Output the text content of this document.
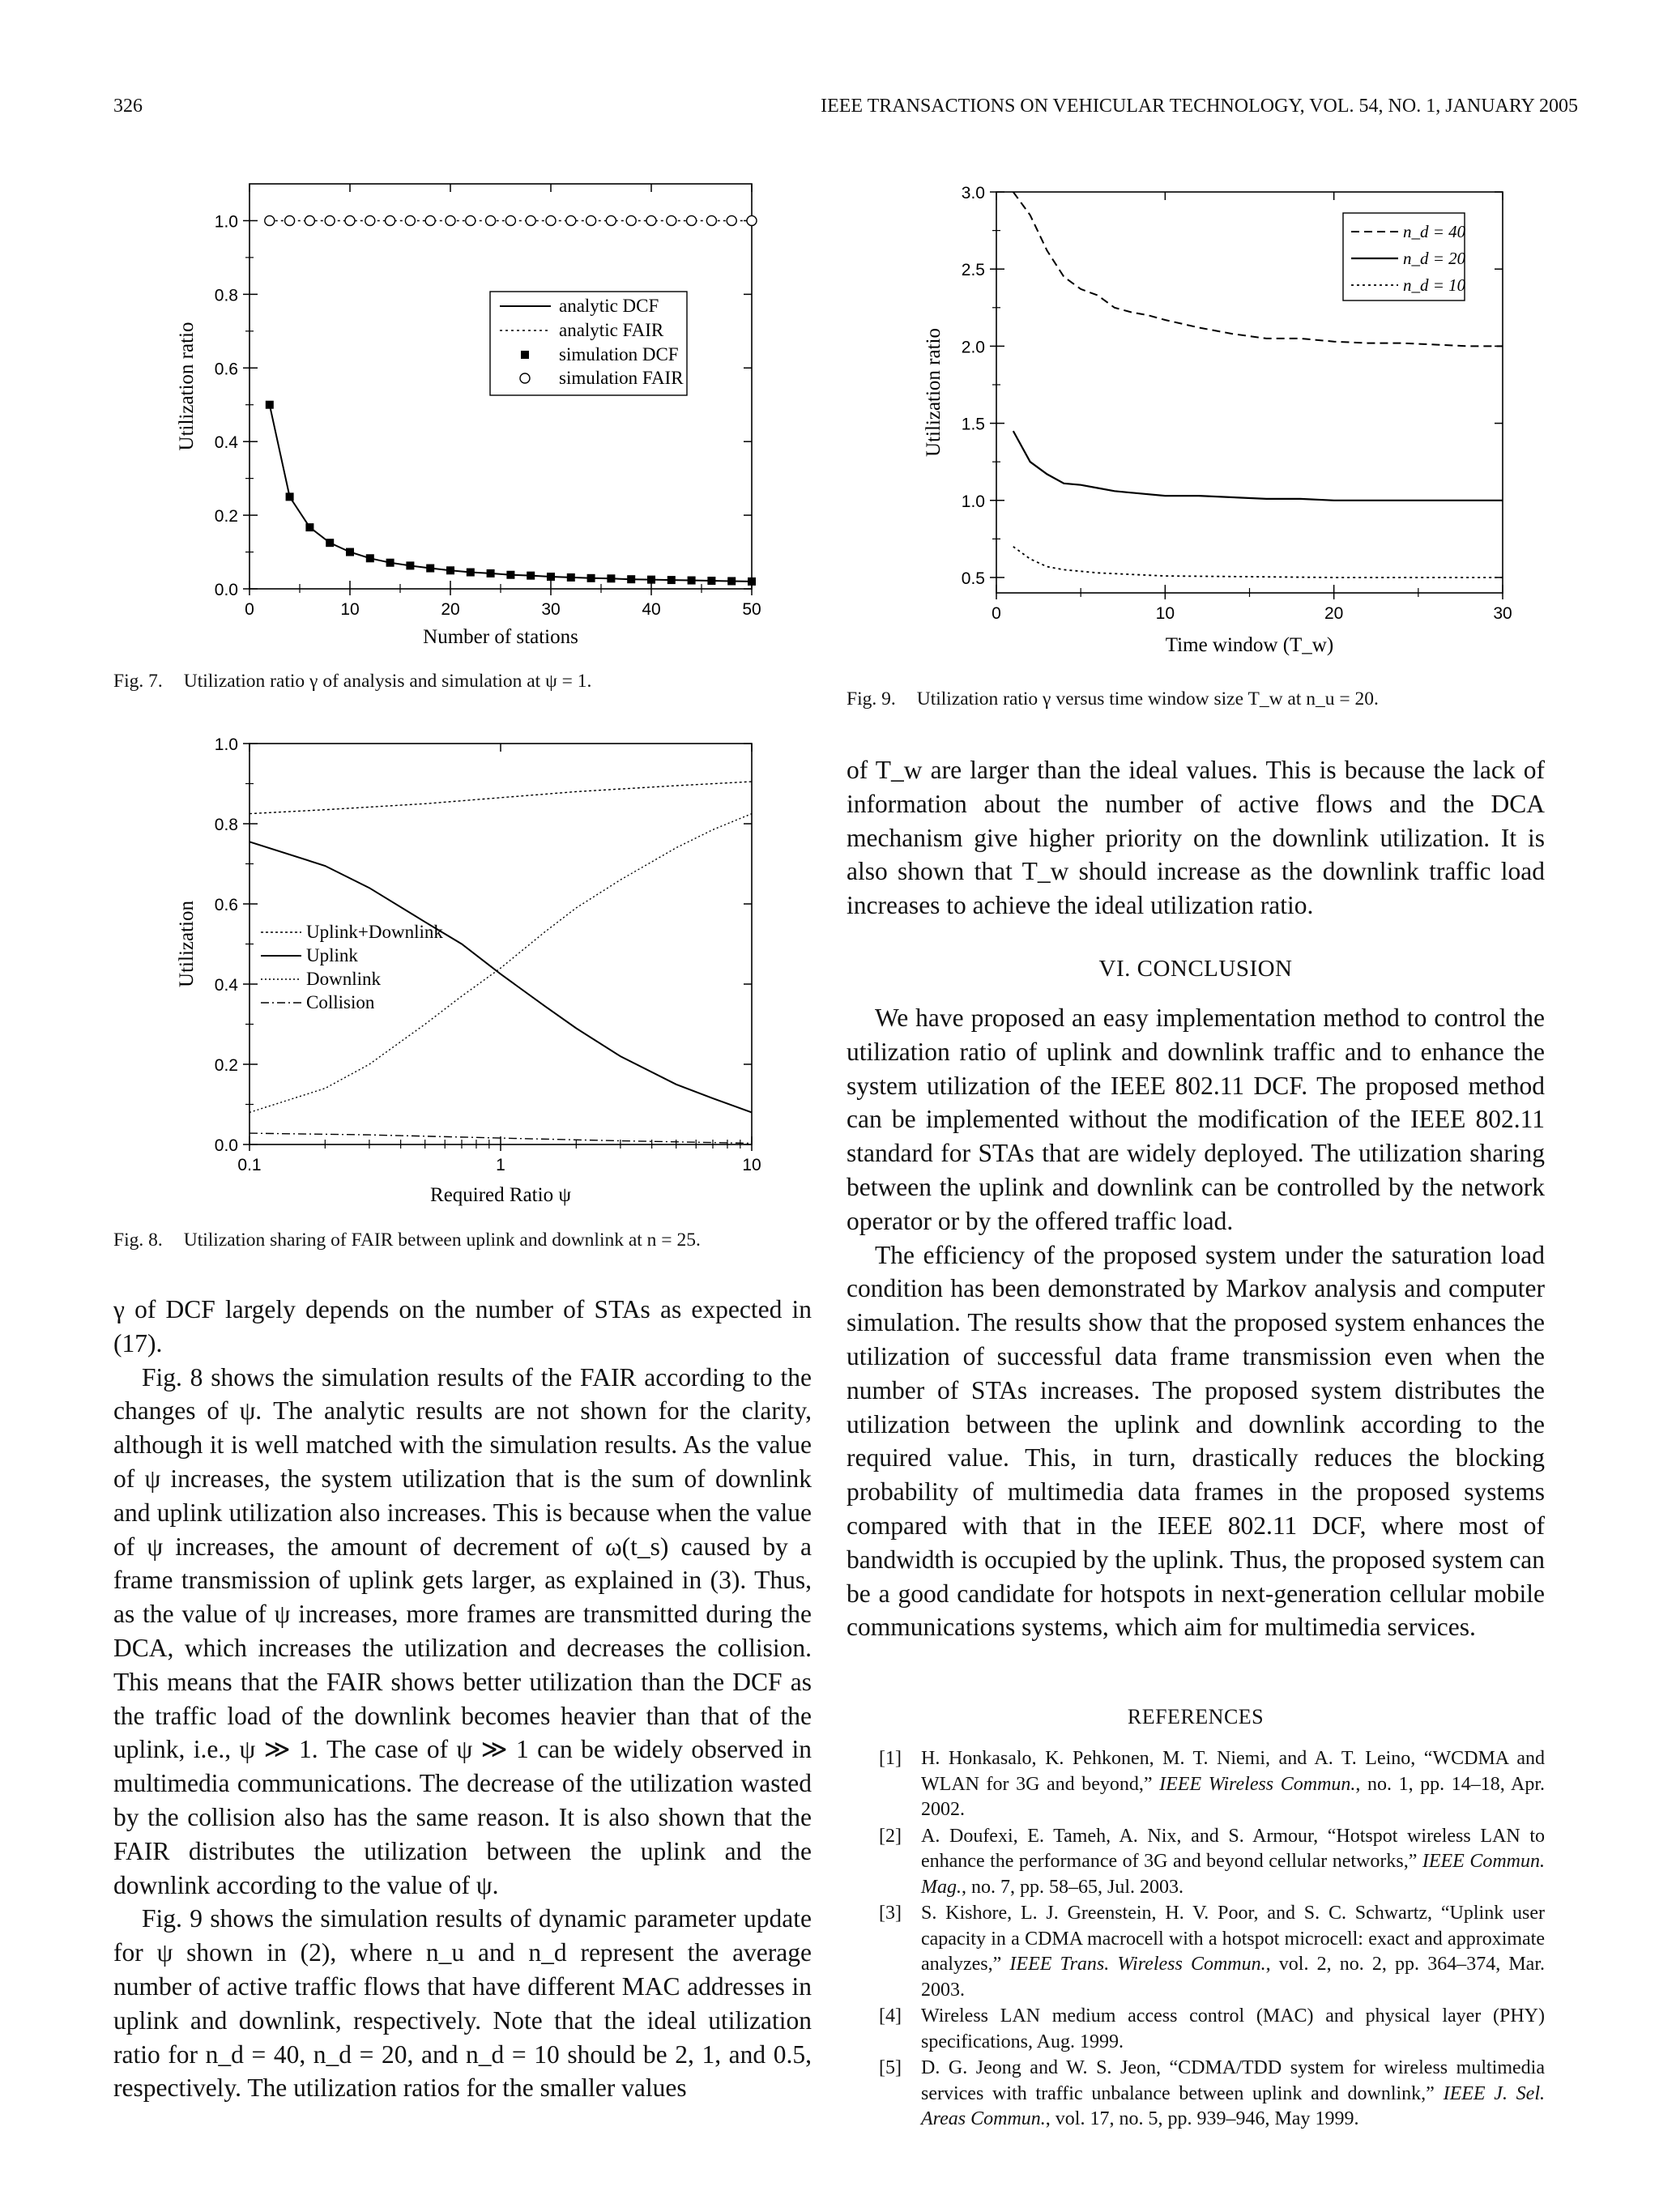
326	IEEE TRANSACTIONS ON VEHICULAR TECHNOLOGY, VOL. 54, NO. 1, JANUARY 2005
0.0
0.2
0.4
0.6
0.8
1.0
0	10	20	30	40	50
Number of stations
Utilization ratio
analytic DCF
analytic FAIR
simulation DCF
simulation FAIR
Fig. 7. Utilization ratio γ of analysis and simulation at ψ = 1.
0.0
0.2
0.4
0.6
0.8
1.0
0.1	1	10
Required Ratio ψ
Utilization	Uplink+Downlink
Uplink
Downlink
Collision
Fig. 8. Utilization sharing of FAIR between uplink and downlink at n = 25.
0.5
1.0
1.5
2.0
2.5
3.0
0	10	20	30
Time window (T_w)
Utilization ratio
n_d = 40
n_d = 20
n_d = 10
Fig. 9. Utilization ratio γ versus time window size T_w at n_u = 20.

γ of DCF largely depends on the number of STAs as expected in (17).

Fig. 8 shows the simulation results of the FAIR according to the changes of ψ. The analytic results are not shown for the clarity, although it is well matched with the simulation results. As the value of ψ increases, the system utilization that is the sum of downlink and uplink utilization also increases. This is because when the value of ψ increases, the amount of decrement of ω(t_s) caused by a frame transmission of uplink gets larger, as explained in (3). Thus, as the value of ψ increases, more frames are transmitted during the DCA, which increases the utilization and decreases the collision. This means that the FAIR shows better utilization than the DCF as the traffic load of the downlink becomes heavier than that of the uplink, i.e., ψ ≫ 1. The case of ψ ≫ 1 can be widely observed in multimedia communications. The decrease of the utilization wasted by the collision also has the same reason. It is also shown that the FAIR distributes the utilization between the uplink and the downlink according to the value of ψ.

Fig. 9 shows the simulation results of dynamic parameter update for ψ shown in (2), where n_u and n_d represent the average number of active traffic flows that have different MAC addresses in uplink and downlink, respectively. Note that the ideal utilization ratio for n_d = 40, n_d = 20, and n_d = 10 should be 2, 1, and 0.5, respectively. The utilization ratios for the smaller values

of T_w are larger than the ideal values. This is because the lack of information about the number of active flows and the DCA mechanism give higher priority on the downlink utilization. It is also shown that T_w should increase as the downlink traffic load increases to achieve the ideal utilization ratio.

VI. CONCLUSION

We have proposed an easy implementation method to control the utilization ratio of uplink and downlink traffic and to enhance the system utilization of the IEEE 802.11 DCF. The proposed method can be implemented without the modification of the IEEE 802.11 standard for STAs that are widely deployed. The utilization sharing between the uplink and downlink can be controlled by the network operator or by the offered traffic load.

The efficiency of the proposed system under the saturation load condition has been demonstrated by Markov analysis and computer simulation. The results show that the proposed system enhances the utilization of successful data frame transmission even when the number of STAs increases. The proposed system distributes the utilization between the uplink and downlink according to the required value. This, in turn, drastically reduces the blocking probability of multimedia data frames in the proposed systems compared with that in the IEEE 802.11 DCF, where most of bandwidth is occupied by the uplink. Thus, the proposed system can be a good candidate for hotspots in next-generation cellular mobile communications systems, which aim for multimedia services.

REFERENCES
[1] H. Honkasalo, K. Pehkonen, M. T. Niemi, and A. T. Leino, “WCDMA and WLAN for 3G and beyond,” IEEE Wireless Commun., no. 1, pp. 14–18, Apr. 2002.
[2] A. Doufexi, E. Tameh, A. Nix, and S. Armour, “Hotspot wireless LAN to enhance the performance of 3G and beyond cellular networks,” IEEE Commun. Mag., no. 7, pp. 58–65, Jul. 2003.
[3] S. Kishore, L. J. Greenstein, H. V. Poor, and S. C. Schwartz, “Uplink user capacity in a CDMA macrocell with a hotspot microcell: exact and approximate analyzes,” IEEE Trans. Wireless Commun., vol. 2, no. 2, pp. 364–374, Mar. 2003.
[4] Wireless LAN medium access control (MAC) and physical layer (PHY) specifications, Aug. 1999.
[5] D. G. Jeong and W. S. Jeon, “CDMA/TDD system for wireless multimedia services with traffic unbalance between uplink and downlink,” IEEE J. Sel. Areas Commun., vol. 17, no. 5, pp. 939–946, May 1999.
